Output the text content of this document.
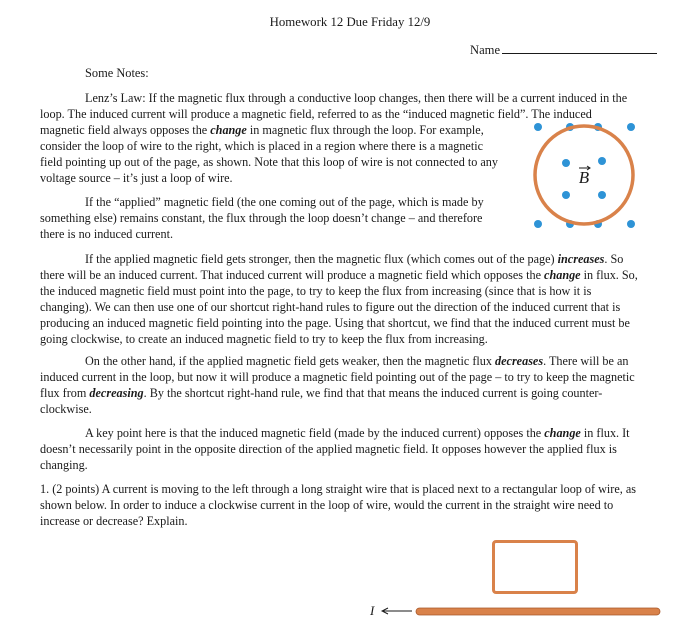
Homework 12 Due Friday 12/9
Name
Some Notes:
Lenz’s Law: If the magnetic flux through a conductive loop changes, then there will be a current induced in the
loop. The induced current will produce a magnetic field, referred to as the “induced magnetic field”. The induced
magnetic field always opposes the change in magnetic flux through the loop. For example,
consider the loop of wire to the right, which is placed in a region where there is a magnetic
field pointing up out of the page, as shown. Note that this loop of wire is not connected to any
voltage source – it’s just a loop of wire.
If the “applied” magnetic field (the one coming out of the page, which is made by
something else) remains constant, the flux through the loop doesn’t change – and therefore
there is no induced current.
If the applied magnetic field gets stronger, then the magnetic flux (which comes out of the page) increases. So
there will be an induced current. That induced current will produce a magnetic field which opposes the change in flux. So,
the induced magnetic field must point into the page, to try to keep the flux from increasing (since that is how it is
changing). We can then use one of our shortcut right-hand rules to figure out the direction of the induced current that is
producing an induced magnetic field pointing into the page. Using that shortcut, we find that the induced current must be
going clockwise, to create an induced magnetic field to try to keep the flux from increasing.
On the other hand, if the applied magnetic field gets weaker, then the magnetic flux decreases. There will be an
induced current in the loop, but now it will produce a magnetic field pointing out of the page – to try to keep the magnetic
flux from decreasing. By the shortcut right-hand rule, we find that that means the induced current is going counter-
clockwise.
A key point here is that the induced magnetic field (made by the induced current) opposes the change in flux. It
doesn’t necessarily point in the opposite direction of the applied magnetic field. It opposes however the applied flux is
changing.
1. (2 points) A current is moving to the left through a long straight wire that is placed next to a rectangular loop of wire, as
shown below. In order to induce a clockwise current in the loop of wire, would the current in the straight wire need to
increase or decrease? Explain.
B
I
